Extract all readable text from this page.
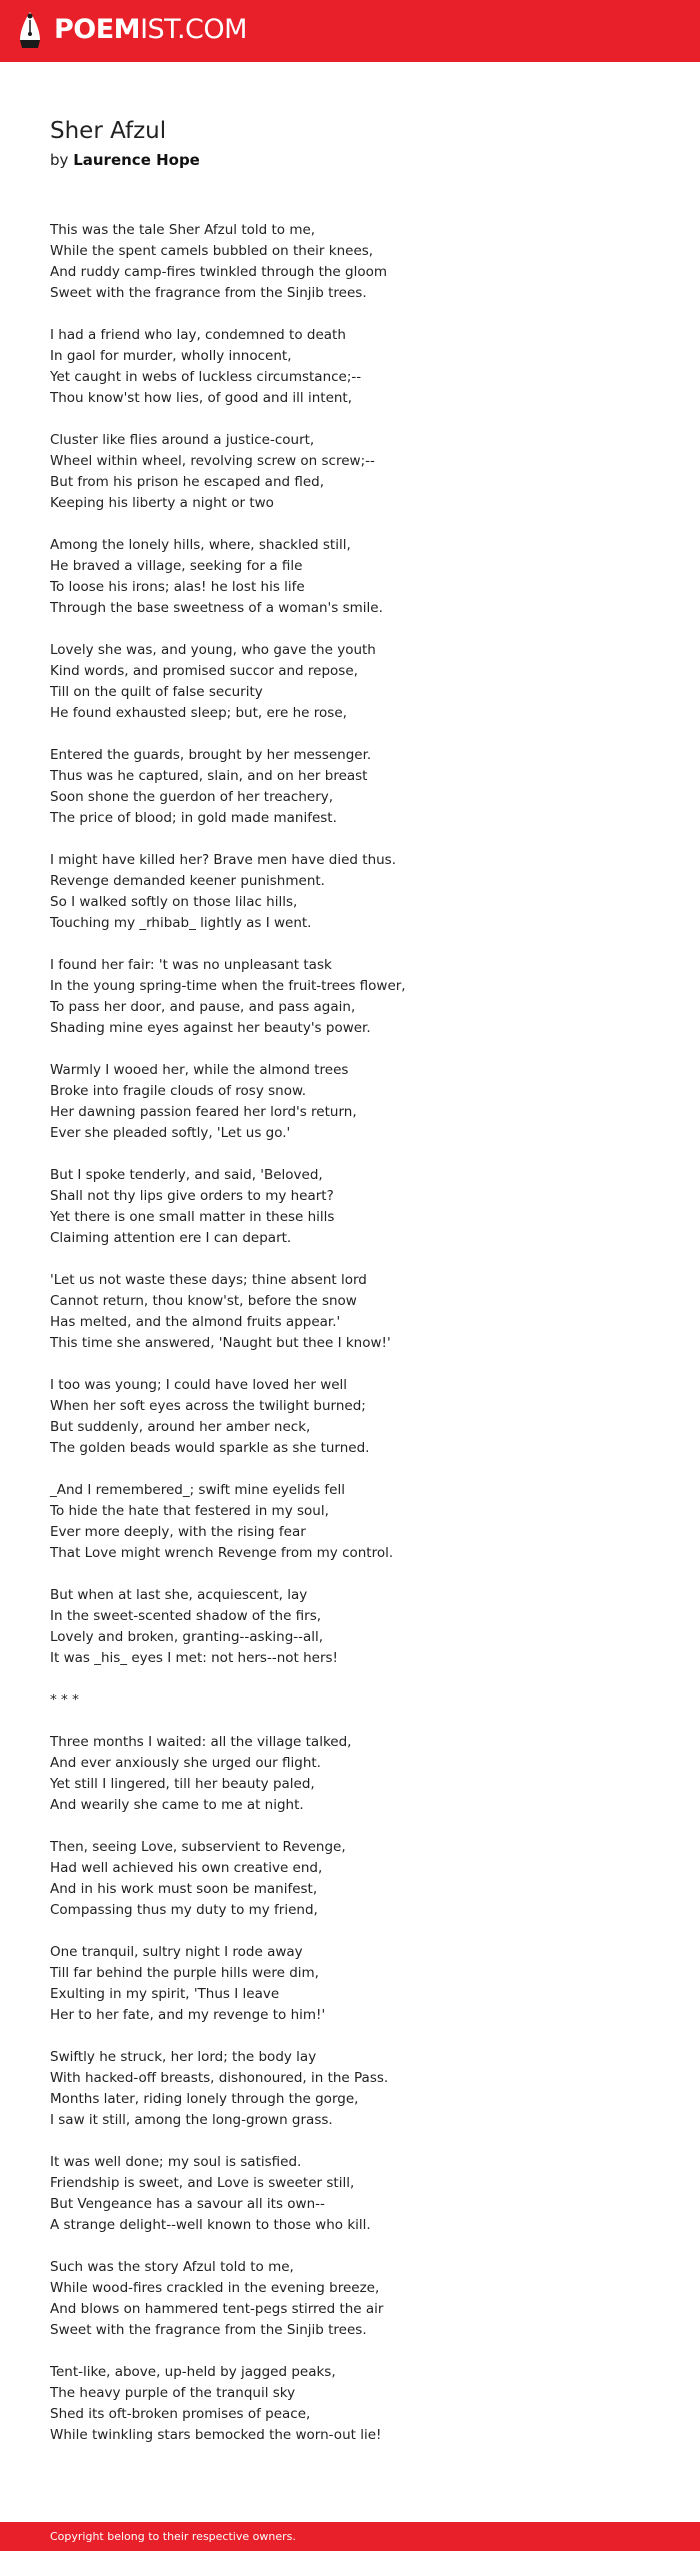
POEMIST.COM
Sher Afzul
by Laurence Hope
This was the tale Sher Afzul told to me,
While the spent camels bubbled on their knees,
And ruddy camp-fires twinkled through the gloom
Sweet with the fragrance from the Sinjib trees.
I had a friend who lay, condemned to death
In gaol for murder, wholly innocent,
Yet caught in webs of luckless circumstance;--
Thou know'st how lies, of good and ill intent,
Cluster like flies around a justice-court,
Wheel within wheel, revolving screw on screw;--
But from his prison he escaped and fled,
Keeping his liberty a night or two
Among the lonely hills, where, shackled still,
He braved a village, seeking for a file
To loose his irons; alas! he lost his life
Through the base sweetness of a woman's smile.
Lovely she was, and young, who gave the youth
Kind words, and promised succor and repose,
Till on the quilt of false security
He found exhausted sleep; but, ere he rose,
Entered the guards, brought by her messenger.
Thus was he captured, slain, and on her breast
Soon shone the guerdon of her treachery,
The price of blood; in gold made manifest.
I might have killed her? Brave men have died thus.
Revenge demanded keener punishment.
So I walked softly on those lilac hills,
Touching my _rhibab_ lightly as I went.
I found her fair: 't was no unpleasant task
In the young spring-time when the fruit-trees flower,
To pass her door, and pause, and pass again,
Shading mine eyes against her beauty's power.
Warmly I wooed her, while the almond trees
Broke into fragile clouds of rosy snow.
Her dawning passion feared her lord's return,
Ever she pleaded softly, 'Let us go.'
But I spoke tenderly, and said, 'Beloved,
Shall not thy lips give orders to my heart?
Yet there is one small matter in these hills
Claiming attention ere I can depart.
'Let us not waste these days; thine absent lord
Cannot return, thou know'st, before the snow
Has melted, and the almond fruits appear.'
This time she answered, 'Naught but thee I know!'
I too was young; I could have loved her well
When her soft eyes across the twilight burned;
But suddenly, around her amber neck,
The golden beads would sparkle as she turned.
_And I remembered_; swift mine eyelids fell
To hide the hate that festered in my soul,
Ever more deeply, with the rising fear
That Love might wrench Revenge from my control.
But when at last she, acquiescent, lay
In the sweet-scented shadow of the firs,
Lovely and broken, granting--asking--all,
It was _his_ eyes I met: not hers--not hers!
* * *
Three months I waited: all the village talked,
And ever anxiously she urged our flight.
Yet still I lingered, till her beauty paled,
And wearily she came to me at night.
Then, seeing Love, subservient to Revenge,
Had well achieved his own creative end,
And in his work must soon be manifest,
Compassing thus my duty to my friend,
One tranquil, sultry night I rode away
Till far behind the purple hills were dim,
Exulting in my spirit, 'Thus I leave
Her to her fate, and my revenge to him!'
Swiftly he struck, her lord; the body lay
With hacked-off breasts, dishonoured, in the Pass.
Months later, riding lonely through the gorge,
I saw it still, among the long-grown grass.
It was well done; my soul is satisfied.
Friendship is sweet, and Love is sweeter still,
But Vengeance has a savour all its own--
A strange delight--well known to those who kill.
Such was the story Afzul told to me,
While wood-fires crackled in the evening breeze,
And blows on hammered tent-pegs stirred the air
Sweet with the fragrance from the Sinjib trees.
Tent-like, above, up-held by jagged peaks,
The heavy purple of the tranquil sky
Shed its oft-broken promises of peace,
While twinkling stars bemocked the worn-out lie!
Copyright belong to their respective owners.
